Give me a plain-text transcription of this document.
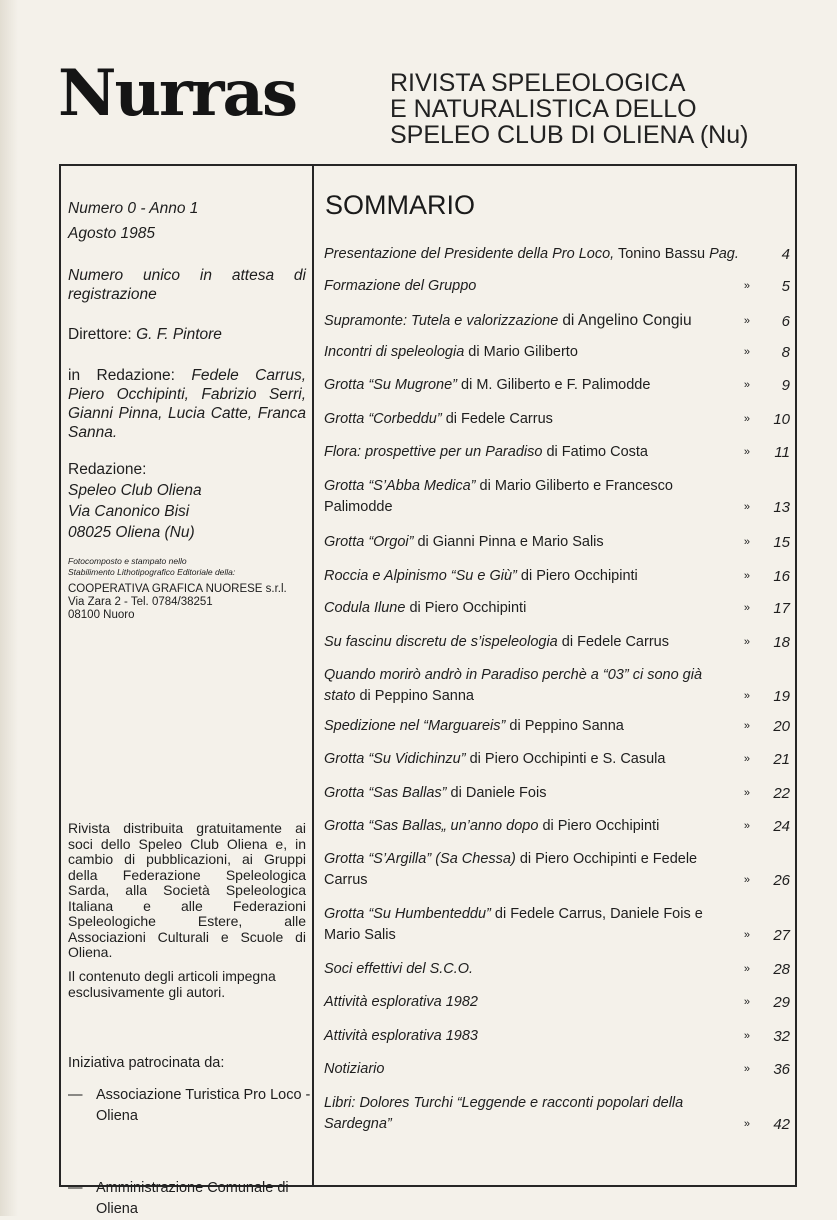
Nurras	RIVISTA SPELEOLOGICA
E NATURALISTICA DELLO
SPELEO CLUB DI OLIENA (Nu)
Numero 0 - Anno 1
Agosto 1985
Numero unico in attesa di registrazione
Direttore: G. F. Pintore
in Redazione: Fedele Carrus, Piero Occhipinti, Fabrizio Serri, Gianni Pinna, Lucia Catte, Franca Sanna.
Redazione:
Speleo Club Oliena
Via Canonico Bisi
08025 Oliena (Nu)
Fotocomposto e stampato nello
Stabilimento Lithotipografico Editoriale della:
COOPERATIVA GRAFICA NUORESE s.r.l.
Via Zara 2 - Tel. 0784/38251
08100 Nuoro
Rivista distribuita gratuitamente ai soci dello Speleo Club Oliena e, in cambio di pubblicazioni, ai Gruppi della Federazione Speleologica Sarda, alla Società Speleologica Italiana e alle Federazioni Speleologiche Estere, alle Associazioni Culturali e Scuole di Oliena.
Il contenuto degli articoli impegna esclusivamente gli autori.
Iniziativa patrocinata da:
— Associazione Turistica Pro Loco - Oliena
— Amministrazione Comunale di Oliena
SOMMARIO
Presentazione del Presidente della Pro Loco, Tonino Bassu Pag.	4
Formazione del Gruppo	» 5
Supramonte: Tutela e valorizzazione di Angelino Congiu	» 6
Incontri di speleologia di Mario Giliberto	» 8
Grotta “Su Mugrone” di M. Giliberto e F. Palimodde	» 9
Grotta “Corbeddu” di Fedele Carrus	» 10
Flora: prospettive per un Paradiso di Fatimo Costa	» 11
Grotta “S’Abba Medica” di Mario Giliberto e Francesco Palimodde	» 13
Grotta “Orgoi” di Gianni Pinna e Mario Salis	» 15
Roccia e Alpinismo “Su e Giù” di Piero Occhipinti	» 16
Codula Ilune di Piero Occhipinti	» 17
Su fascinu discretu de s’ispeleologia di Fedele Carrus	» 18
Quando morirò andrò in Paradiso perchè a “03” ci sono già stato di Peppino Sanna	» 19
Spedizione nel “Marguareis” di Peppino Sanna	» 20
Grotta “Su Vidichinzu” di Piero Occhipinti e S. Casula	» 21
Grotta “Sas Ballas” di Daniele Fois	» 22
Grotta “Sas Ballas„ un’anno dopo di Piero Occhipinti	» 24
Grotta “S’Argilla” (Sa Chessa) di Piero Occhipinti e Fedele Carrus	» 26
Grotta “Su Humbenteddu” di Fedele Carrus, Daniele Fois e Mario Salis	» 27
Soci effettivi del S.C.O.	» 28
Attività esplorativa 1982	» 29
Attività esplorativa 1983	» 32
Notiziario	» 36
Libri: Dolores Turchi “Leggende e racconti popolari della Sardegna”	» 42
